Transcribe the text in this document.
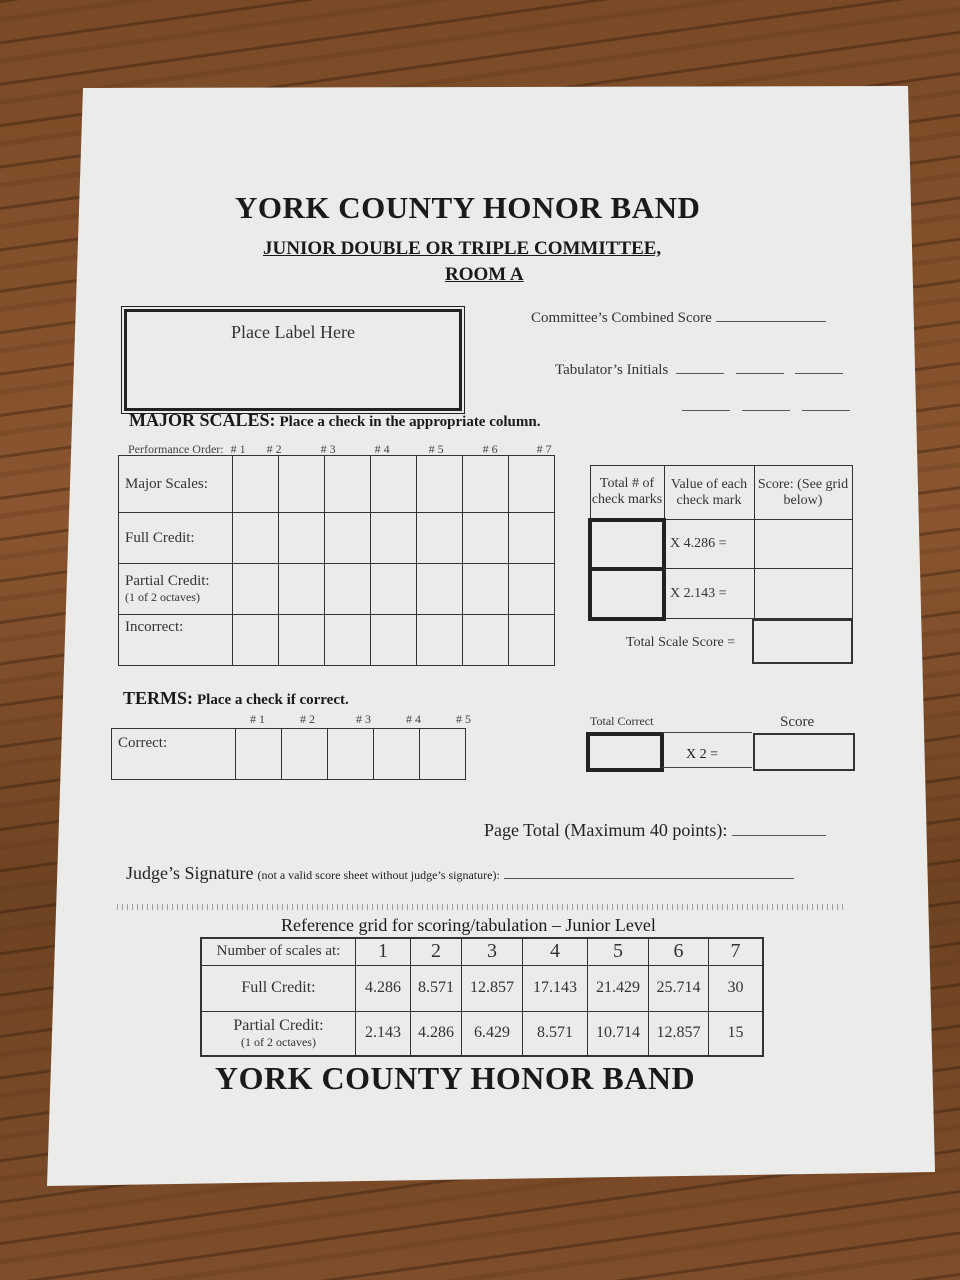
YORK COUNTY HONOR BAND
JUNIOR DOUBLE OR TRIPLE COMMITTEE,
ROOM A
Place Label Here
Committee’s Combined Score
Tabulator’s Initials

MAJOR SCALES: Place a check in the appropriate column.
Performance Order: # 1 # 2	# 3	# 4	# 5	# 6	# 7
Major Scales:							
Full Credit:							

Partial Credit:
(1 of 2 octaves)							

Incorrect:							
Total # of check marks	Value of each check mark	Score: (See grid below)
	X 4.286 =	
	X 2.143 =	
Total Scale Score =
TERMS: Place a check if correct.
# 1	# 2	# 3	# 4	# 5
Correct:					
Total Correct	Score
X 2 =
Page Total (Maximum 40 points):
Judge’s Signature (not a valid score sheet without judge’s signature):
Reference grid for scoring/tabulation – Junior Level
Number of scales at:	1	2	3	4	5	6	7
Full Credit:	4.286	8.571	12.857	17.143	21.429	25.714	30

Partial Credit:
(1 of 2 octaves)	2.143	4.286	6.429	8.571	10.714	12.857	15
YORK COUNTY HONOR BAND
